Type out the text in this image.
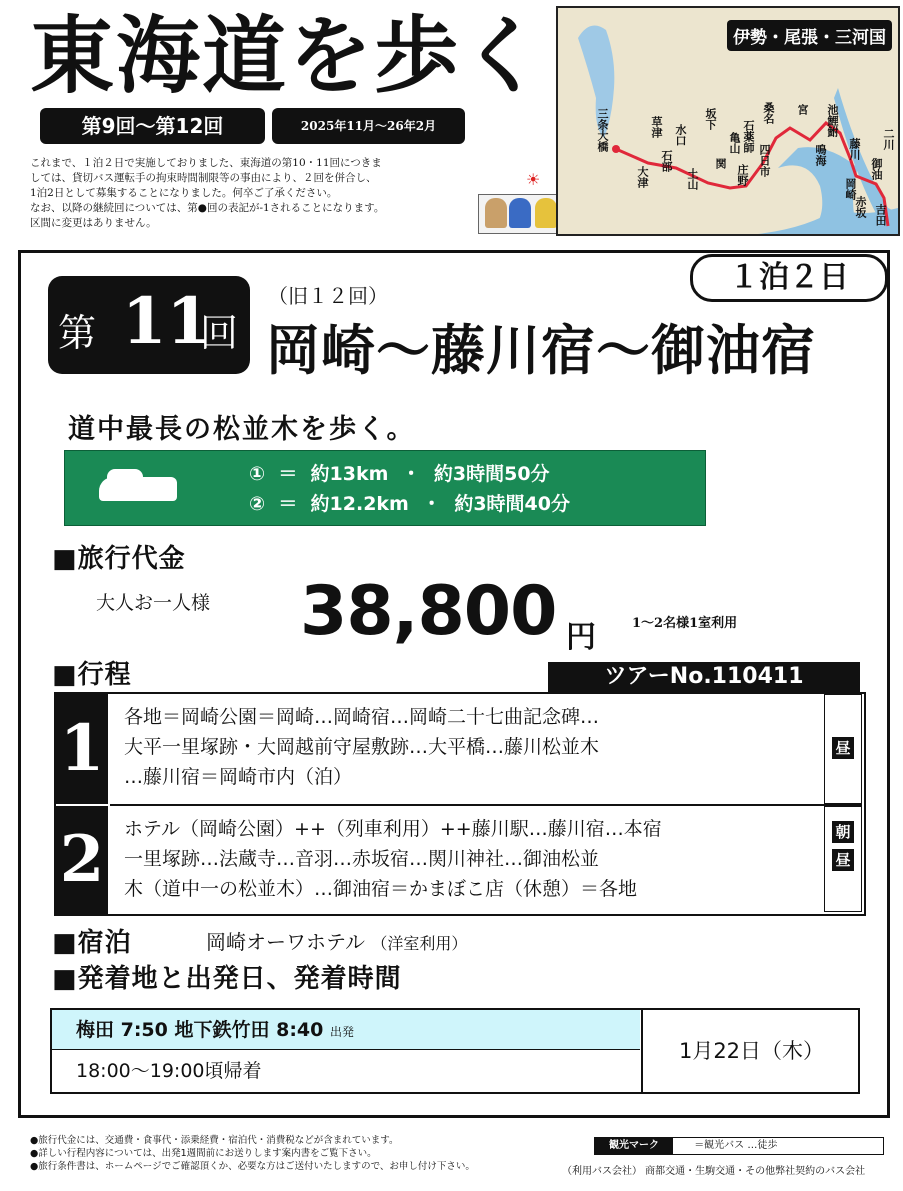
東海道を歩く
第9回〜第12回	2025年11月〜26年2月

これまで、１泊２日で実施しておりました、東海道の第10・11回につきま

しては、貸切バス運転手の拘束時間制限等の事由により、２回を併合し、

1泊2日として募集することになりました。何卒ご了承ください。

なお、以降の継続回については、第●回の表記が-1されることになります。

区間に変更はありません。

☀
伊勢・尾張・三河国
三条大橋	草津
大津
水口
石部
土山
坂下
関
亀山 石薬師
庄野 四日市
桑名 宮
鳴海
池鯉鮒
岡崎
藤川
赤坂
御油
吉田
二川
第 11
回
（旧１２回）
１泊２日
岡崎〜藤川宿〜御油宿
道中最長の松並木を歩く。
①  ＝  約13km  ・  約3時間50分
②  ＝  約12.2km  ・  約3時間40分
■ 旅行代金
大人お一人様 38,800 円	1〜2名様1室利用
■ 行程	ツアーNo.110411
1 各地＝岡崎公園＝岡崎…岡崎宿…岡崎二十七曲記念碑…
大平一里塚跡・大岡越前守屋敷跡…大平橋…藤川松並木
…藤川宿＝岡崎市内（泊）
昼
2 ホテル（岡崎公園）++（列車利用）++藤川駅…藤川宿…本宿
一里塚跡…法蔵寺…音羽…赤坂宿…関川神社…御油松並
木（道中一の松並木）…御油宿＝かまぼこ店（休憩）＝各地
朝
昼
■ 宿泊	岡崎オーワホテル （洋室利用）
■ 発着地と出発日、発着時間
梅田 7:50 地下鉄竹田 8:40 出発
18:00〜19:00頃帰着
1月22日（木）

●旅行代金には、交通費・食事代・添乗経費・宿泊代・消費税などが含まれています。

●詳しい行程内容については、出発1週間前にお送りします案内書をご覧下さい。

●旅行条件書は、ホームページでご確認頂くか、必要な方はご送付いたしますので、お申し付け下さい。

観光マーク	＝観光バス …徒歩
（利用バス会社） 商都交通・生駒交通・その他弊社契約のバス会社
